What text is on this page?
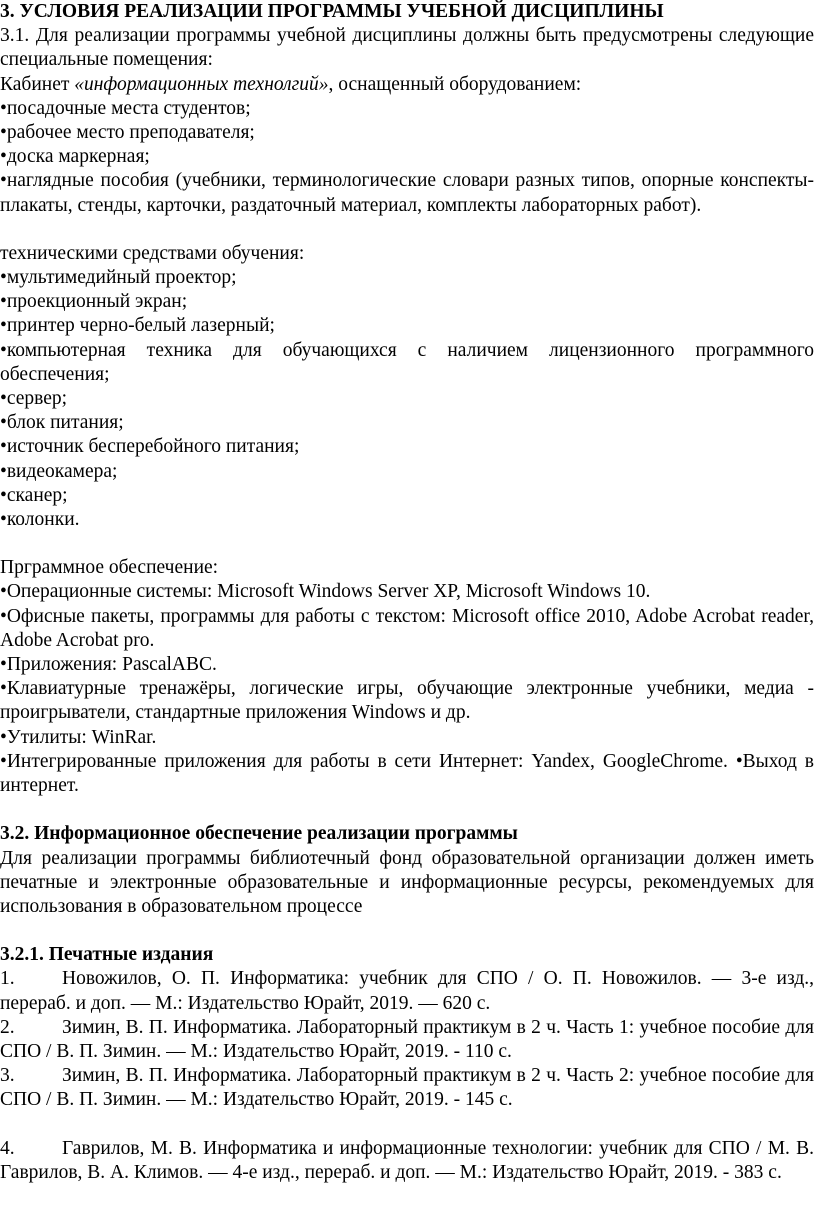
3. УСЛОВИЯ РЕАЛИЗАЦИИ ПРОГРАММЫ УЧЕБНОЙ ДИСЦИПЛИНЫ

3.1. Для реализации программы учебной дисциплины должны быть предусмотрены следующие специальные помещения:

Кабинет «информационных технолгий», оснащенный оборудованием:

•посадочные места студентов;

•рабочее место преподавателя;

•доска маркерная;

•наглядные пособия (учебники, терминологические словари разных типов, опорные конспекты-плакаты, стенды, карточки, раздаточный материал, комплекты лабораторных работ).

техническими средствами обучения:

•мультимедийный проектор;

•проекционный экран;

•принтер черно-белый лазерный;

•компьютерная техника для обучающихся с наличием лицензионного программного обеспечения;

•сервер;

•блок питания;

•источник бесперебойного питания;

•видеокамера;

•сканер;

•колонки.

Прграммное обеспечение:

•Операционные системы: Microsoft Windows Server XP, Microsoft Windows 10.

•Офисные пакеты, программы для работы с текстом: Microsoft office 2010, Adobe Acrobat reader, Adobe Acrobat pro.

•Приложения: PascalABC.

•Клавиатурные тренажёры, логические игры, обучающие электронные учебники, медиа - проигрыватели, стандартные приложения Windows и др.

•Утилиты: WinRar.

•Интегрированные приложения для работы в сети Интернет: Yandex, GoogleChrome. •Выход в интернет.

3.2. Информационное обеспечение реализации программы

Для реализации программы библиотечный фонд образовательной организации должен иметь печатные и электронные образовательные и информационные ресурсы, рекомендуемых для использования в образовательном процессе

3.2.1. Печатные издания

1. Новожилов, О. П. Информатика: учебник для СПО / О. П. Новожилов. — 3-е изд., перераб. и доп. — М.: Издательство Юрайт, 2019. — 620 с.

2. Зимин, В. П. Информатика. Лабораторный практикум в 2 ч. Часть 1: учебное пособие для СПО / В. П. Зимин. — М.: Издательство Юрайт, 2019. - 110 с.

3. Зимин, В. П. Информатика. Лабораторный практикум в 2 ч. Часть 2: учебное пособие для СПО / В. П. Зимин. — М.: Издательство Юрайт, 2019. - 145 с.

4. Гаврилов, М. В. Информатика и информационные технологии: учебник для СПО / М. В. Гаврилов, В. А. Климов. — 4-е изд., перераб. и доп. — М.: Издательство Юрайт, 2019. - 383 с.
